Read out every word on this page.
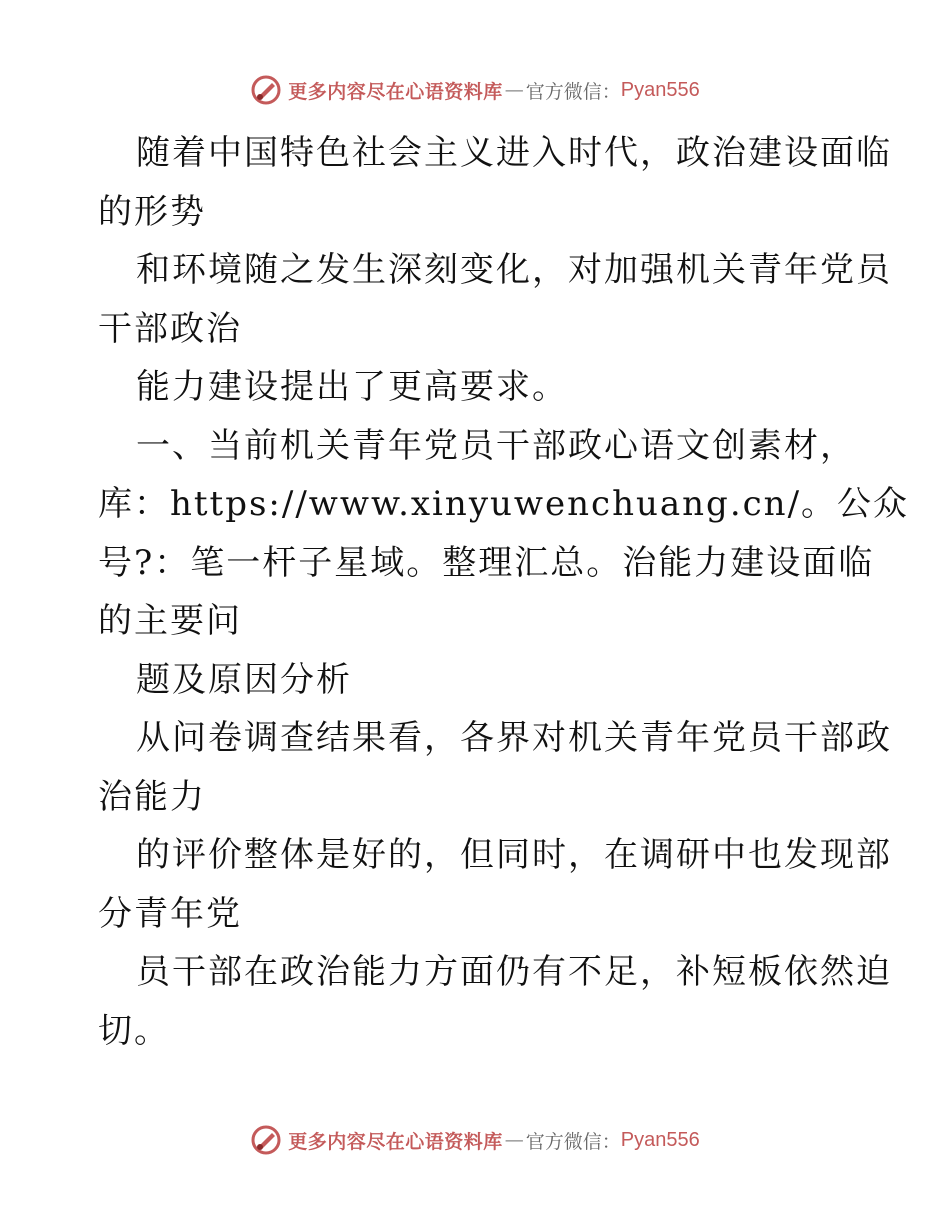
更多内容尽在心语资料库 — 官方微信： Pyan556
随着中国特色社会主义进入时代，政治建设面临
的形势
和环境随之发生深刻变化，对加强机关青年党员
干部政治
能力建设提出了更高要求。
一、当前机关青年党员干部政心语文创素材，
库：https://www.xinyuwenchuang.cn/。公众
号?：笔一杆子星域。整理汇总。治能力建设面临
的主要问
题及原因分析
从问卷调查结果看，各界对机关青年党员干部政
治能力
的评价整体是好的，但同时，在调研中也发现部
分青年党
员干部在政治能力方面仍有不足，补短板依然迫
切。
更多内容尽在心语资料库 — 官方微信： Pyan556
